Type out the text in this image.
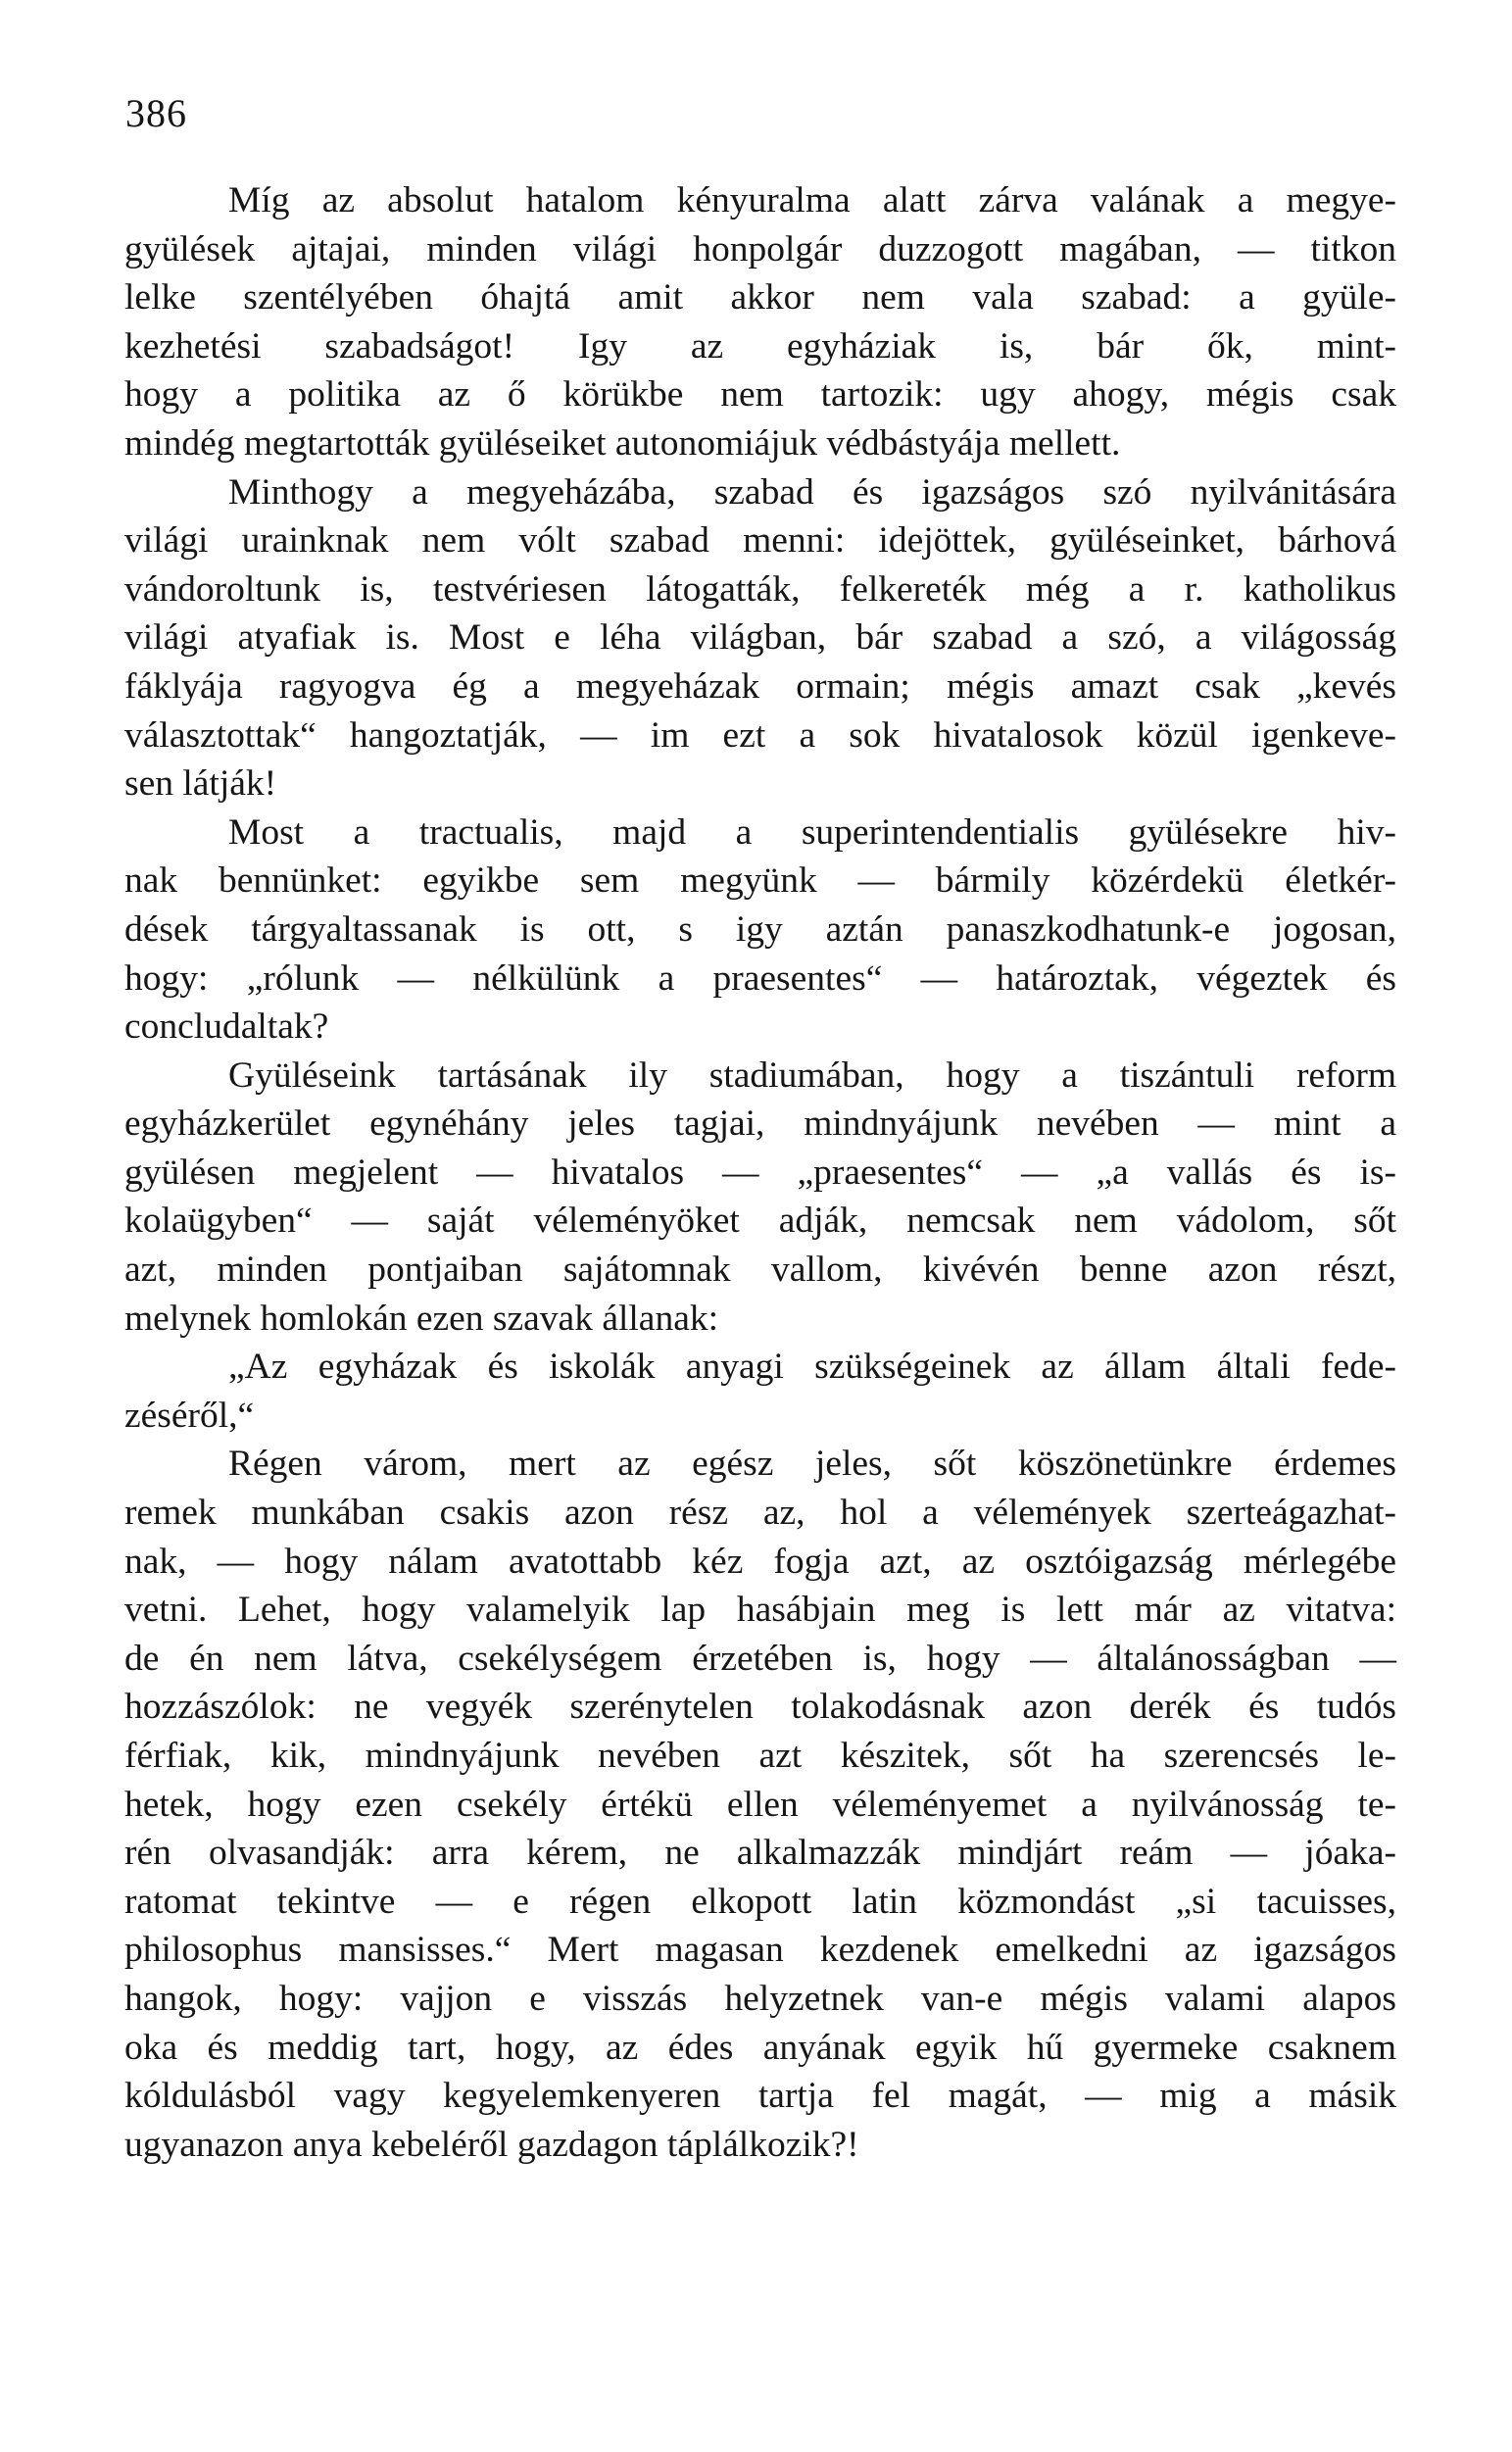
386
Míg az absolut hatalom kényuralma alatt zárva valának a megye-
gyülések ajtajai, minden világi honpolgár duzzogott magában, — titkon
lelke szentélyében óhajtá amit akkor nem vala szabad: a gyüle-
kezhetési szabadságot! Igy az egyháziak is, bár ők, mint-
hogy a politika az ő körükbe nem tartozik: ugy ahogy, mégis csak
mindég megtartották gyüléseiket autonomiájuk védbástyája mellett.
Minthogy a megyeházába, szabad és igazságos szó nyilvánitására
világi urainknak nem vólt szabad menni: idejöttek, gyüléseinket, bárhová
vándoroltunk is, testvériesen látogatták, felkereték még a r. katholikus
világi atyafiak is. Most e léha világban, bár szabad a szó, a világosság
fáklyája ragyogva ég a megyeházak ormain; mégis amazt csak „kevés
választottak“ hangoztatják, — im ezt a sok hivatalosok közül igenkeve-
sen látják!
Most a tractualis, majd a superintendentialis gyülésekre hiv-
nak bennünket: egyikbe sem megyünk — bármily közérdekü életkér-
dések tárgyaltassanak is ott, s igy aztán panaszkodhatunk-e jogosan,
hogy: „rólunk — nélkülünk a praesentes“ — határoztak, végeztek és
concludaltak?
Gyüléseink tartásának ily stadiumában, hogy a tiszántuli reform
egyházkerület egynéhány jeles tagjai, mindnyájunk nevében — mint a
gyülésen megjelent — hivatalos — „praesentes“ — „a vallás és is-
kolaügyben“ — saját véleményöket adják, nemcsak nem vádolom, sőt
azt, minden pontjaiban sajátomnak vallom, kivévén benne azon részt,
melynek homlokán ezen szavak állanak:
„Az egyházak és iskolák anyagi szükségeinek az állam általi fede-
zéséről,“
Régen várom, mert az egész jeles, sőt köszönetünkre érdemes
remek munkában csakis azon rész az, hol a vélemények szerteágazhat-
nak, — hogy nálam avatottabb kéz fogja azt, az osztóigazság mérlegébe
vetni. Lehet, hogy valamelyik lap hasábjain meg is lett már az vitatva:
de én nem látva, csekélységem érzetében is, hogy — általánosságban —
hozzászólok: ne vegyék szerénytelen tolakodásnak azon derék és tudós
férfiak, kik, mindnyájunk nevében azt készitek, sőt ha szerencsés le-
hetek, hogy ezen csekély értékü ellen véleményemet a nyilvánosság te-
rén olvasandják: arra kérem, ne alkalmazzák mindjárt reám — jóaka-
ratomat tekintve — e régen elkopott latin közmondást „si tacuisses,
philosophus mansisses.“ Mert magasan kezdenek emelkedni az igazságos
hangok, hogy: vajjon e visszás helyzetnek van-e mégis valami alapos
oka és meddig tart, hogy, az édes anyának egyik hű gyermeke csaknem
kóldulásból vagy kegyelemkenyeren tartja fel magát, — mig a másik
ugyanazon anya kebeléről gazdagon táplálkozik?!
